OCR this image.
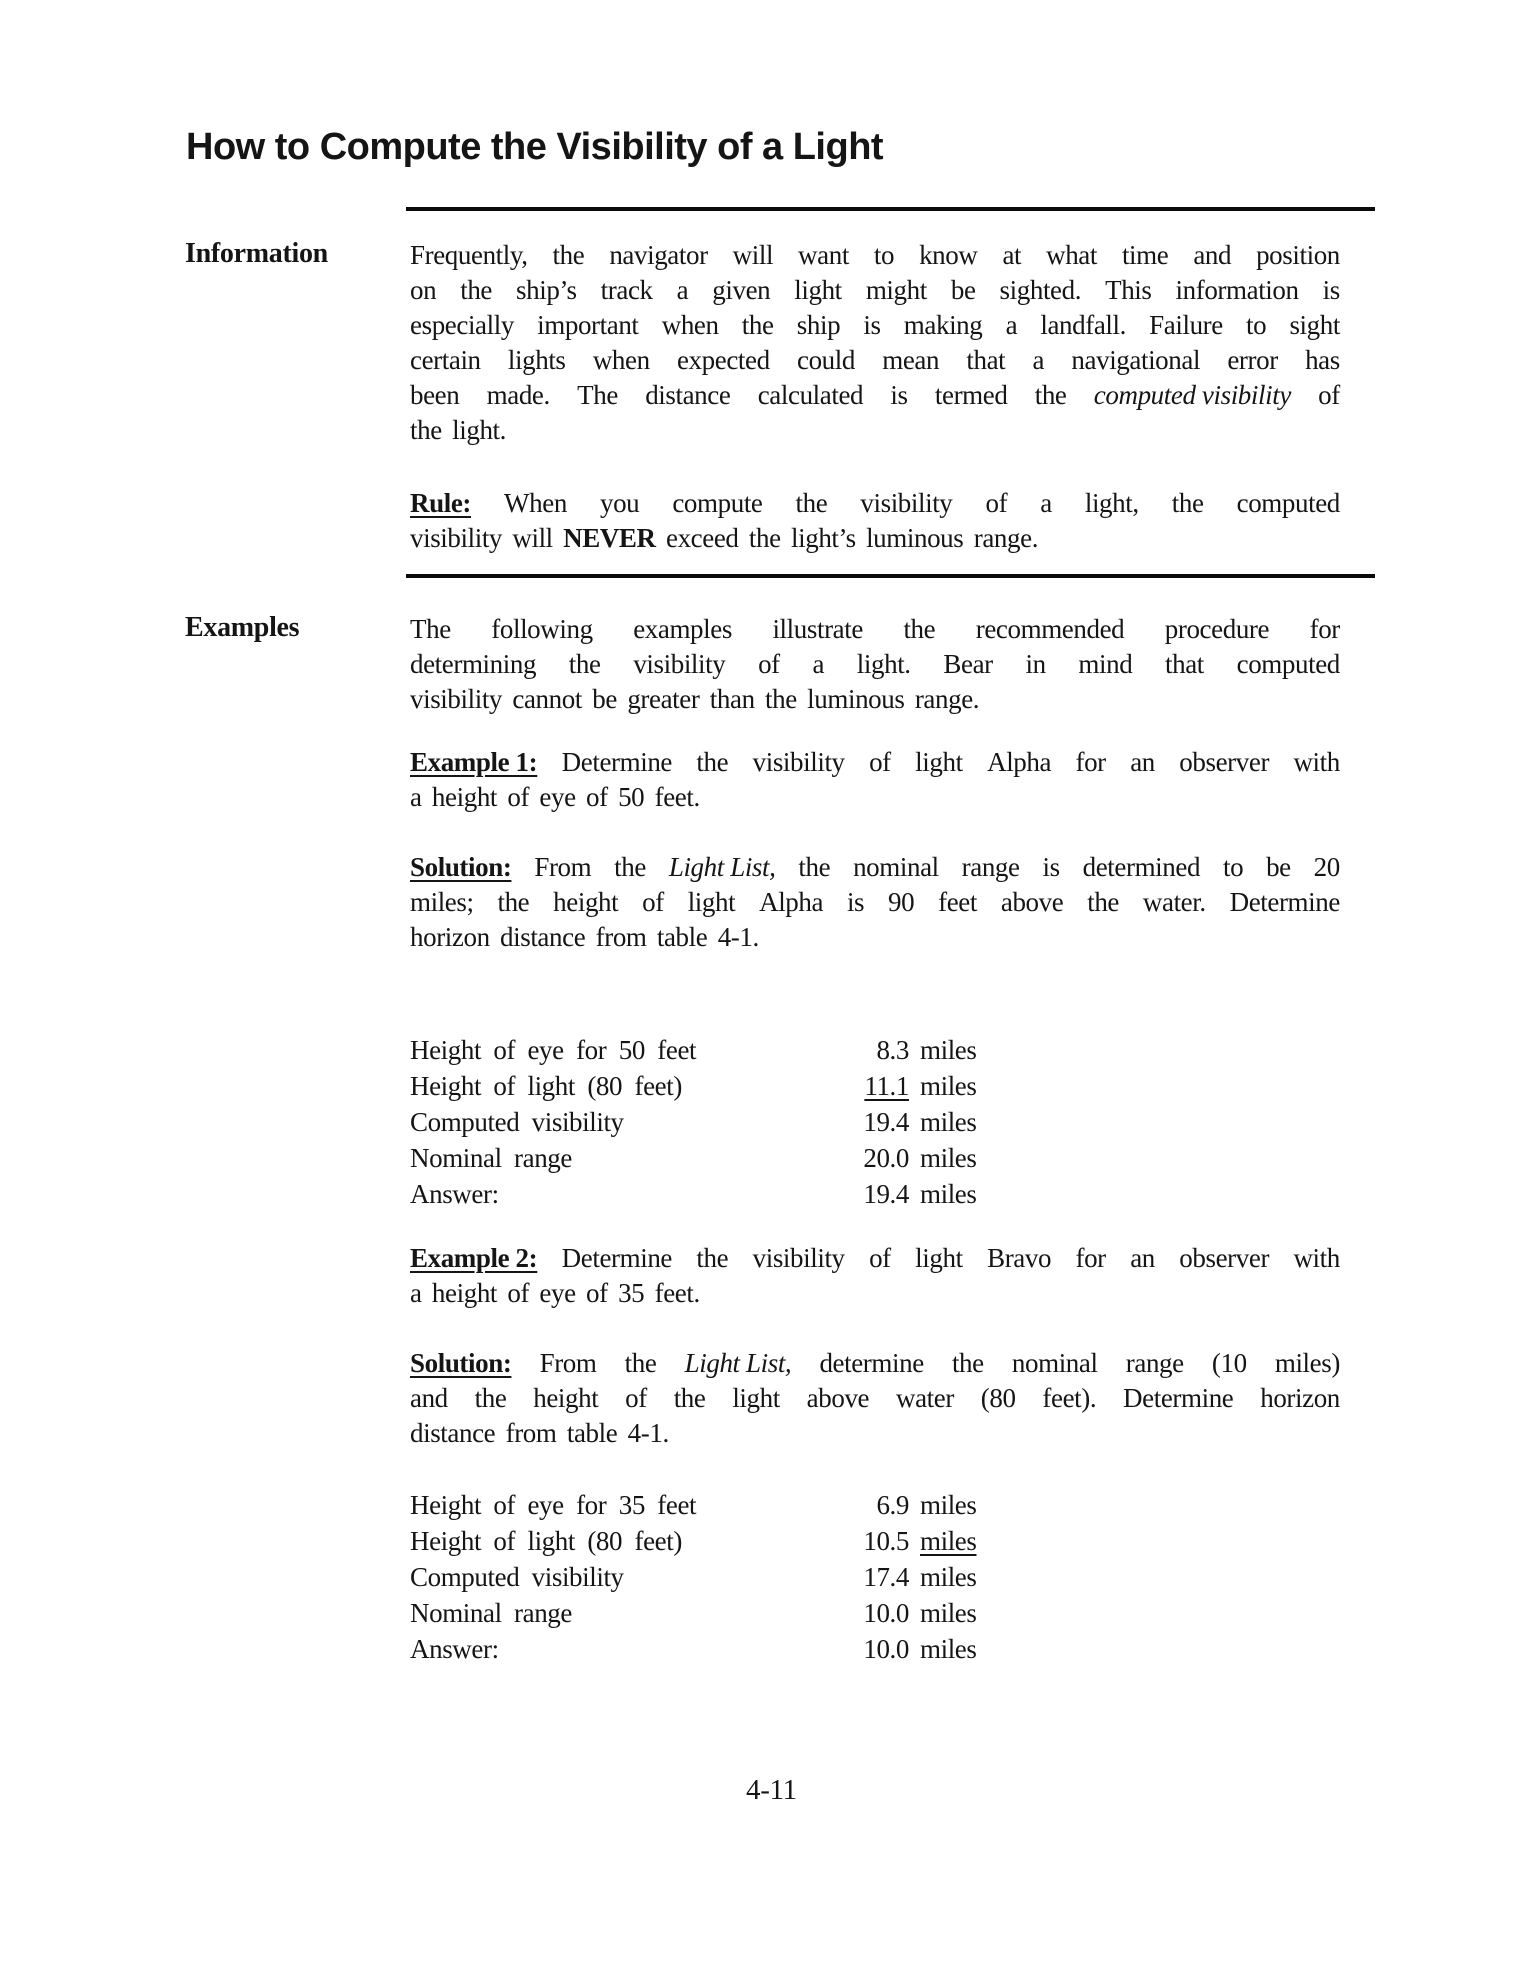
How to Compute the Visibility of a Light
Information	Frequently, the navigator will want to know at what time and position
on the ship’s track a given light might be sighted. This information is
especially important when the ship is making a landfall. Failure to sight
certain lights when expected could mean that a navigational error has
been made. The distance calculated is termed the computed visibility of
the light.
Rule: When you compute the visibility of a light, the computed
visibility will NEVER exceed the light’s luminous range.
Examples	The following examples illustrate the recommended procedure for
determining the visibility of a light. Bear in mind that computed
visibility cannot be greater than the luminous range.
Example 1: Determine the visibility of light Alpha for an observer with
a height of eye of 50 feet.
Solution: From the Light List, the nominal range is determined to be 20
miles; the height of light Alpha is 90 feet above the water. Determine
horizon distance from table 4-1.
Height of eye for 50 feet	8.3 miles
Height of light (80 feet)	11.1 miles
Computed visibility	19.4 miles
Nominal range	20.0 miles
Answer:	19.4 miles
Example 2: Determine the visibility of light Bravo for an observer with
a height of eye of 35 feet.
Solution: From the Light List, determine the nominal range (10 miles)
and the height of the light above water (80 feet). Determine horizon
distance from table 4-1.
Height of eye for 35 feet	6.9 miles
Height of light (80 feet)	10.5 miles
Computed visibility	17.4 miles
Nominal range	10.0 miles
Answer:	10.0 miles
4-11
